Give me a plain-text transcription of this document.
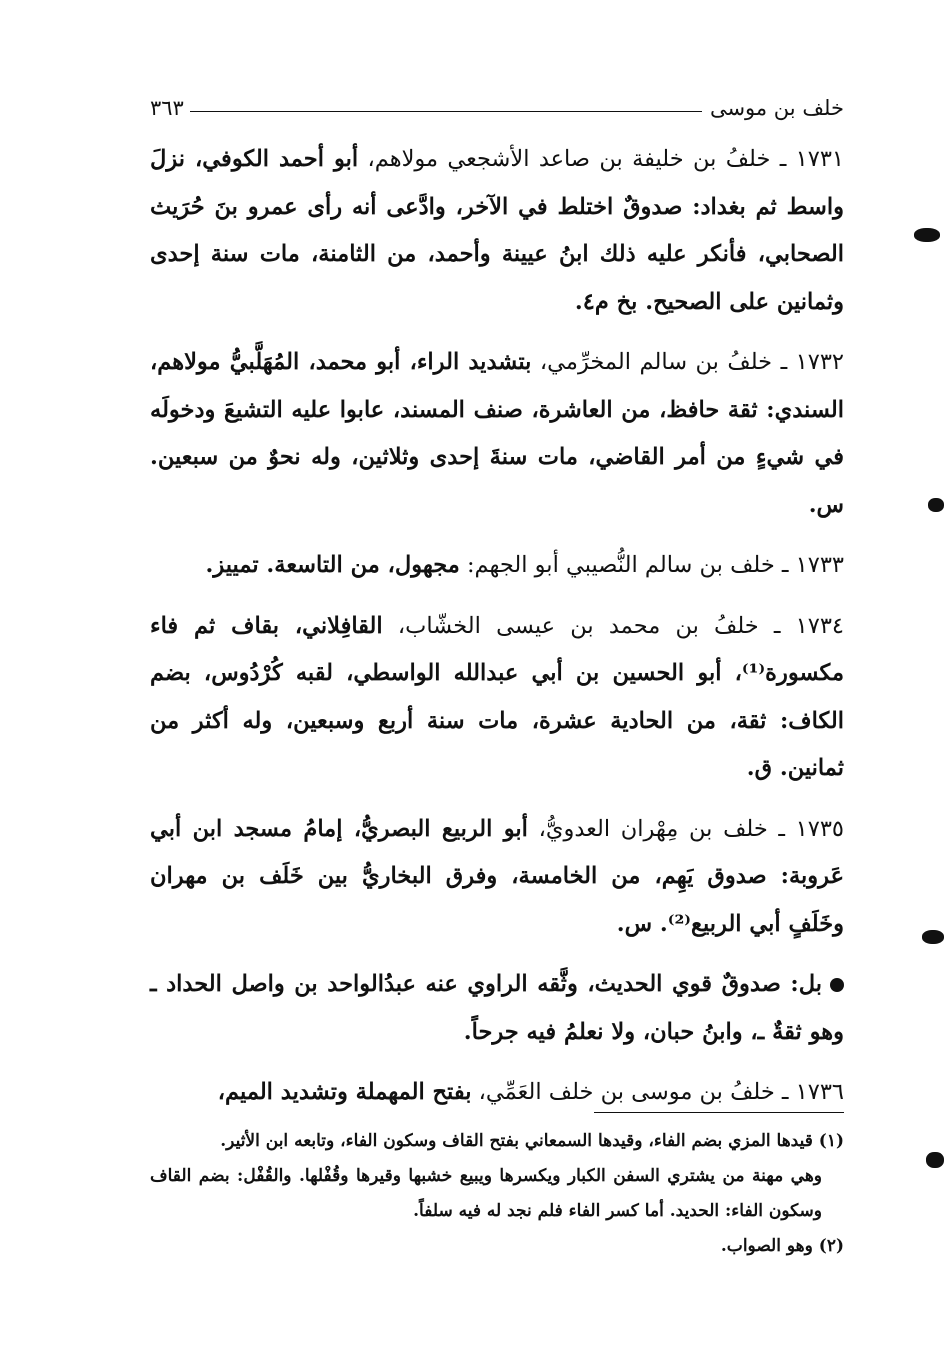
خلف بن موسى
٣٦٣

١٧٣١ ـ خلفُ بن خليفة بن صاعد الأشجعي مولاهم، أبو أحمد الكوفي، نزلَ واسط ثم بغداد: صدوقٌ اختلط في الآخر، وادَّعى أنه رأى عمرو بنَ حُرَيث الصحابي، فأنكر عليه ذلك ابنُ عيينة وأحمد، من الثامنة، مات سنة إحدى وثمانين على الصحيح. بخ م٤.

١٧٣٢ ـ خلفُ بن سالم المخرِّمي، بتشديد الراء، أبو محمد، المُهَلَّبيُّ مولاهم، السندي: ثقة حافظ، من العاشرة، صنف المسند، عابوا عليه التشيعَ ودخولَه في شيءٍ من أمر القاضي، مات سنةَ إحدى وثلاثين، وله نحوٌ من سبعين. س.

١٧٣٣ ـ خلف بن سالم النُّصيبي أبو الجهم: مجهول، من التاسعة. تمييز.

١٧٣٤ ـ خلفُ بن محمد بن عيسى الخشّاب، القافِلاني، بقاف ثم فاء مكسورة⁽¹⁾، أبو الحسين بن أبي عبدالله الواسطي، لقبه كُرْدُوس، بضم الكاف: ثقة، من الحادية عشرة، مات سنة أربع وسبعين، وله أكثر من ثمانين. ق.

١٧٣٥ ـ خلف بن مِهْران العدويُّ، أبو الربيع البصريُّ، إمامُ مسجد ابن أبي عَروبة: صدوق يَهِم، من الخامسة، وفرق البخاريُّ بين خَلَف بن مهران وخَلَفٍ أبي الربيع⁽²⁾. س.

بل: صدوقٌ قوي الحديث، وثَّقه الراوي عنه عبدُالواحد بن واصل الحداد ـ وهو ثقةٌ ـ، وابنُ حبان، ولا نعلمُ فيه جرحاً.

١٧٣٦ ـ خلفُ بن موسى بن خلف العَمِّي، بفتح المهملة وتشديد الميم،

(١) قيدها المزي بضم الفاء، وقيدها السمعاني بفتح القاف وسكون الفاء، وتابعه ابن الأثير.

وهي مهنة من يشتري السفن الكبار ويكسرها ويبيع خشبها وقيرها وقُفْلها. والقُفْل: بضم القاف وسكون الفاء: الحديد. أما كسر الفاء فلم نجد له فيه سلفاً.

(٢) وهو الصواب.
